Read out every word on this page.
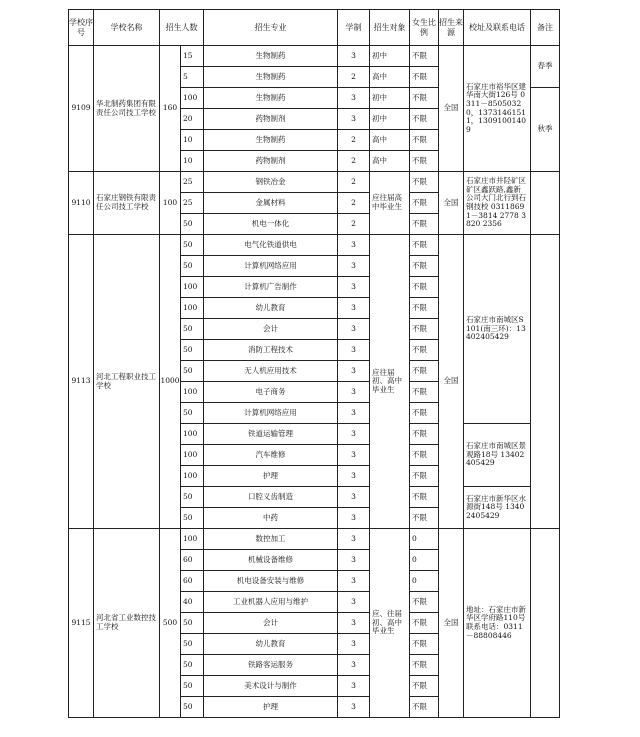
学校序号	学校名称	招生人数		招生专业	学制	招生对象	女生比例	招生来源	校址及联系电话	备注
9109	华北制药集团有限责任公司技工学校	160	15	生物制药	3	初中	不限	全国	石家庄市裕华区建华南大街126号 0311－85050320，13731461511，13091001409	春季
			5	生物制药	2	高中	不限			
			100	生物制药	3	初中	不限			秋季
			20	药物制剂	3	初中	不限			
			10	生物制药	2	高中	不限			
			10	药物制剂	2	高中	不限			
9110	石家庄钢铁有限责任公司技工学校	100	25	钢铁冶金	2	应往届高中毕业生	不限	全国	石家庄市井陉矿区矿区鑫跃路,鑫新公司大门北行到石钢技校 03118691－3814 2778 3820 2356	
			25	金属材料	2		不限			
			50	机电一体化	2		不限			
9113	河北工程职业技工学校	1000	50	电气化铁道供电	3	应往届初、高中毕业生	不限	全国	石家庄市南城区S101(南三环)：13402405429	
			50	计算机网络应用	3		不限			
			100	计算机广告制作	3		不限			
			100	幼儿教育	3		不限			
			50	会计	3		不限			
			50	消防工程技术	3		不限			
			50	无人机应用技术	3		不限			
			100	电子商务	3		不限			
			50	计算机网络应用	3		不限			
			100	铁道运输管理	3		不限		石家庄市南城区景观路18号 13402405429	
			100	汽车维修	3		不限			
			100	护理	3		不限			
			50	口腔义齿制造	3		不限		石家庄市新华区水源街148号 13402405429	
			50	中药	3		不限			
9115	河北省工业数控技工学校	500	100	数控加工	3	应、往届初、高中毕业生	0	全国	地址：石家庄市新华区学府路110号 联系电话：0311－88808446	
			60	机械设备维修	3		0			
			60	机电设备安装与维修	3		0			
			40	工业机器人应用与维护	3		不限			
			50	会计	3		不限			
			50	幼儿教育	3		不限			
			50	铁路客运服务	3		不限			
			50	美术设计与制作	3		不限			
			50	护理	3		不限			
